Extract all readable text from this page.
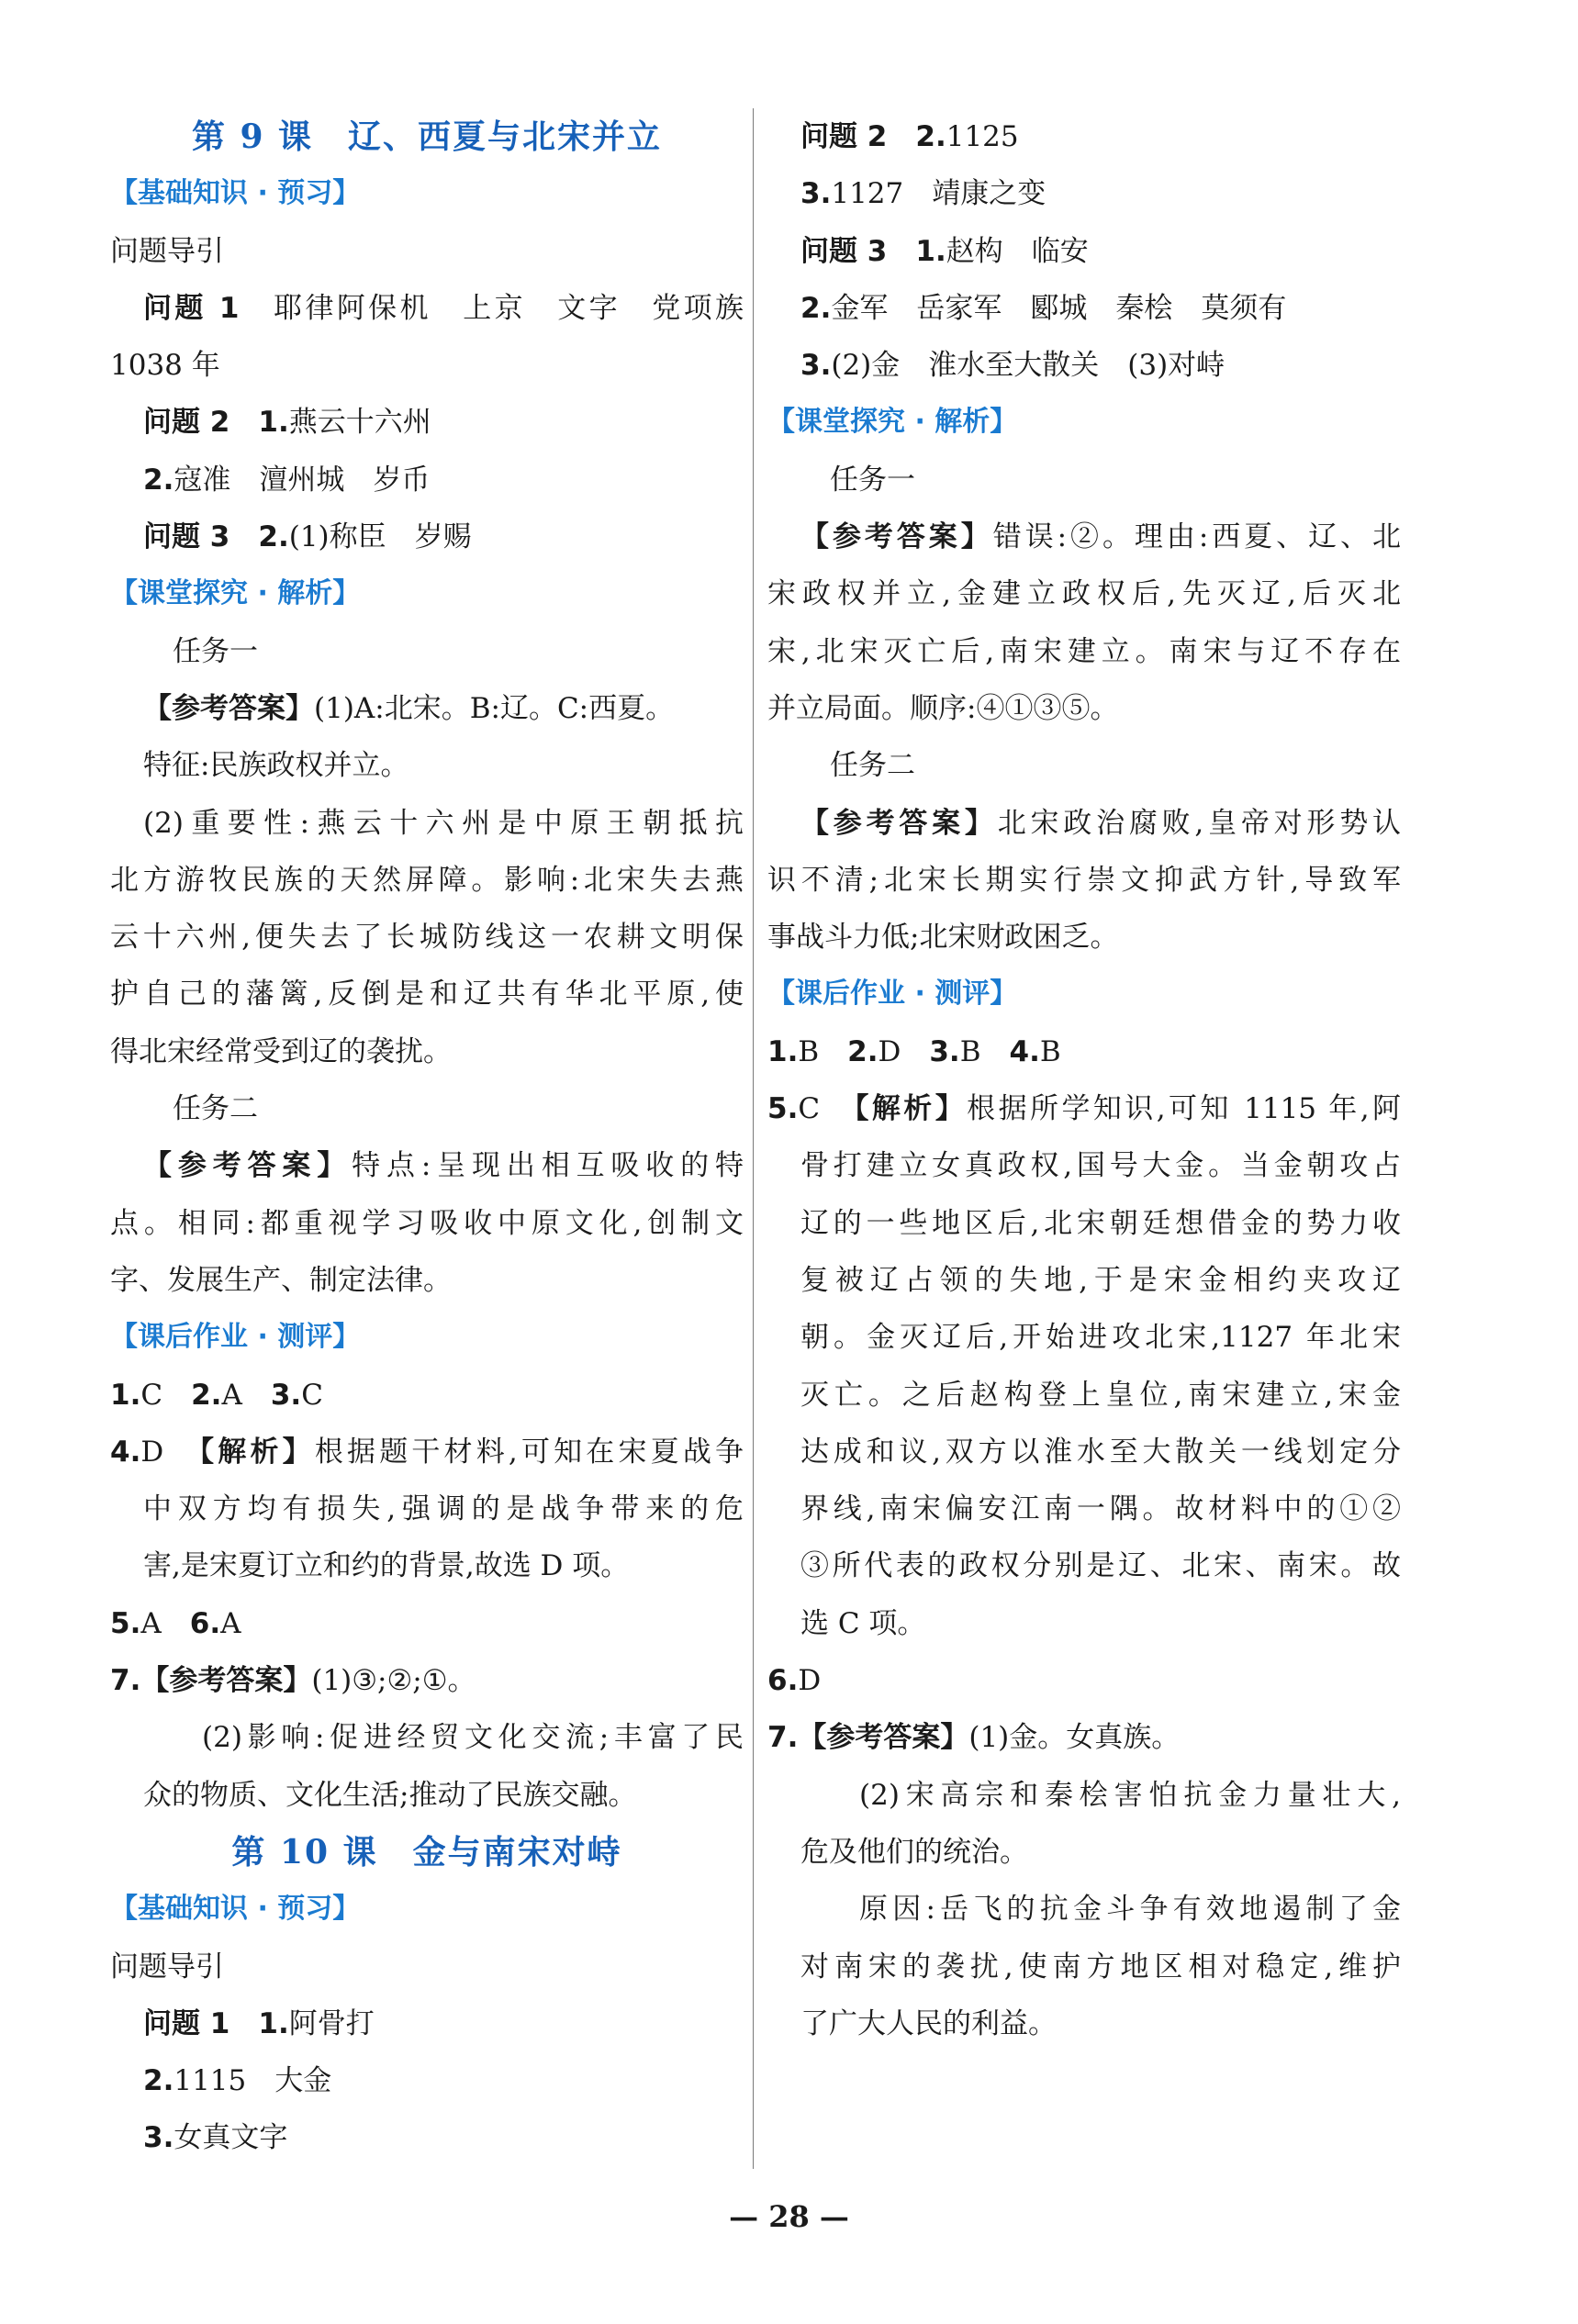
第 9 课　辽、西夏与北宋并立
【基础知识 · 预习】
问题导引
问题 1　 耶律阿保机　上京　文字　党项族
1038 年
问题 2　 1.燕云十六州
2.寇准　澶州城　岁币
问题 3　 2.(1)称臣　岁赐
【课堂探究 · 解析】
任务一
【参考答案】(1)A:北宋。B:辽。C:西夏。
特征:民族政权并立。
(2)重要性:燕云十六州是中原王朝抵抗
北方游牧民族的天然屏障。影响:北宋失去燕
云十六州,便失去了长城防线这一农耕文明保
护自己的藩篱,反倒是和辽共有华北平原,使
得北宋经常受到辽的袭扰。
任务二
【参考答案】特点:呈现出相互吸收的特
点。相同:都重视学习吸收中原文化,创制文
字、发展生产、制定法律。
【课后作业 · 测评】
1.C　 2.A　 3.C
4.D　 【解析】根据题干材料,可知在宋夏战争
中双方均有损失,强调的是战争带来的危
害,是宋夏订立和约的背景,故选 D 项。
5.A　 6.A
7.【参考答案】(1)③;②;①。
(2)影响:促进经贸文化交流;丰富了民
众的物质、文化生活;推动了民族交融。
第 10 课　金与南宋对峙
【基础知识 · 预习】
问题导引
问题 1　 1.阿骨打
2.1115　大金
3.女真文字
问题 2　 2.1125
3.1127　靖康之变
问题 3　 1.赵构　临安
2.金军　岳家军　郾城　秦桧　莫须有
3.(2)金　淮水至大散关　(3)对峙
【课堂探究 · 解析】
任务一
【参考答案】错误:②。理由:西夏、辽、北
宋政权并立,金建立政权后,先灭辽,后灭北
宋,北宋灭亡后,南宋建立。南宋与辽不存在
并立局面。顺序:④①③⑤。
任务二
【参考答案】北宋政治腐败,皇帝对形势认
识不清;北宋长期实行崇文抑武方针,导致军
事战斗力低;北宋财政困乏。
【课后作业 · 测评】
1.B　 2.D　 3.B　 4.B
5.C　 【解析】根据所学知识,可知 1115 年,阿
骨打建立女真政权,国号大金。当金朝攻占
辽的一些地区后,北宋朝廷想借金的势力收
复被辽占领的失地,于是宋金相约夹攻辽
朝。金灭辽后,开始进攻北宋,1127 年北宋
灭亡。之后赵构登上皇位,南宋建立,宋金
达成和议,双方以淮水至大散关一线划定分
界线,南宋偏安江南一隅。故材料中的①②
③所代表的政权分别是辽、北宋、南宋。故
选 C 项。
6.D
7.【参考答案】(1)金。女真族。
(2)宋高宗和秦桧害怕抗金力量壮大,
危及他们的统治。
原因:岳飞的抗金斗争有效地遏制了金
对南宋的袭扰,使南方地区相对稳定,维护
了广大人民的利益。
— 28 —
